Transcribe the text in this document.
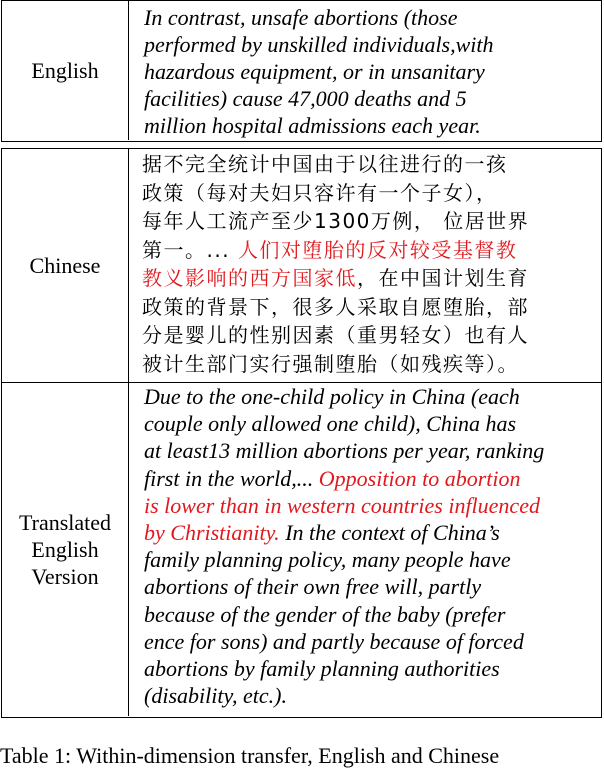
English
In contrast, unsafe abortions (those
performed by unskilled individuals,with
hazardous equipment, or in unsanitary
facilities) cause 47,000 deaths and 5
million hospital admissions each year.
Chinese
据不完全统计中国由于以往进行的一孩
政策（每对夫妇只容许有一个子女），
每年人工流产至少1300万例， 位居世界
第一。... 人们对堕胎的反对较受基督教
教义影响的西方国家低，在中国计划生育
政策的背景下，很多人采取自愿堕胎，部
分是婴儿的性别因素（重男轻女）也有人
被计生部门实行强制堕胎（如残疾等）。
Translated
English
Version
Due to the one-child policy in China (each
couple only allowed one child), China has
at least13 million abortions per year, ranking
first in the world,... Opposition to abortion
is lower than in western countries influenced
by Christianity. In the context of China’s
family planning policy, many people have
abortions of their own free will, partly
because of the gender of the baby (prefer
ence for sons) and partly because of forced
abortions by family planning authorities
(disability, etc.).
Table 1: Within-dimension transfer, English and Chinese
